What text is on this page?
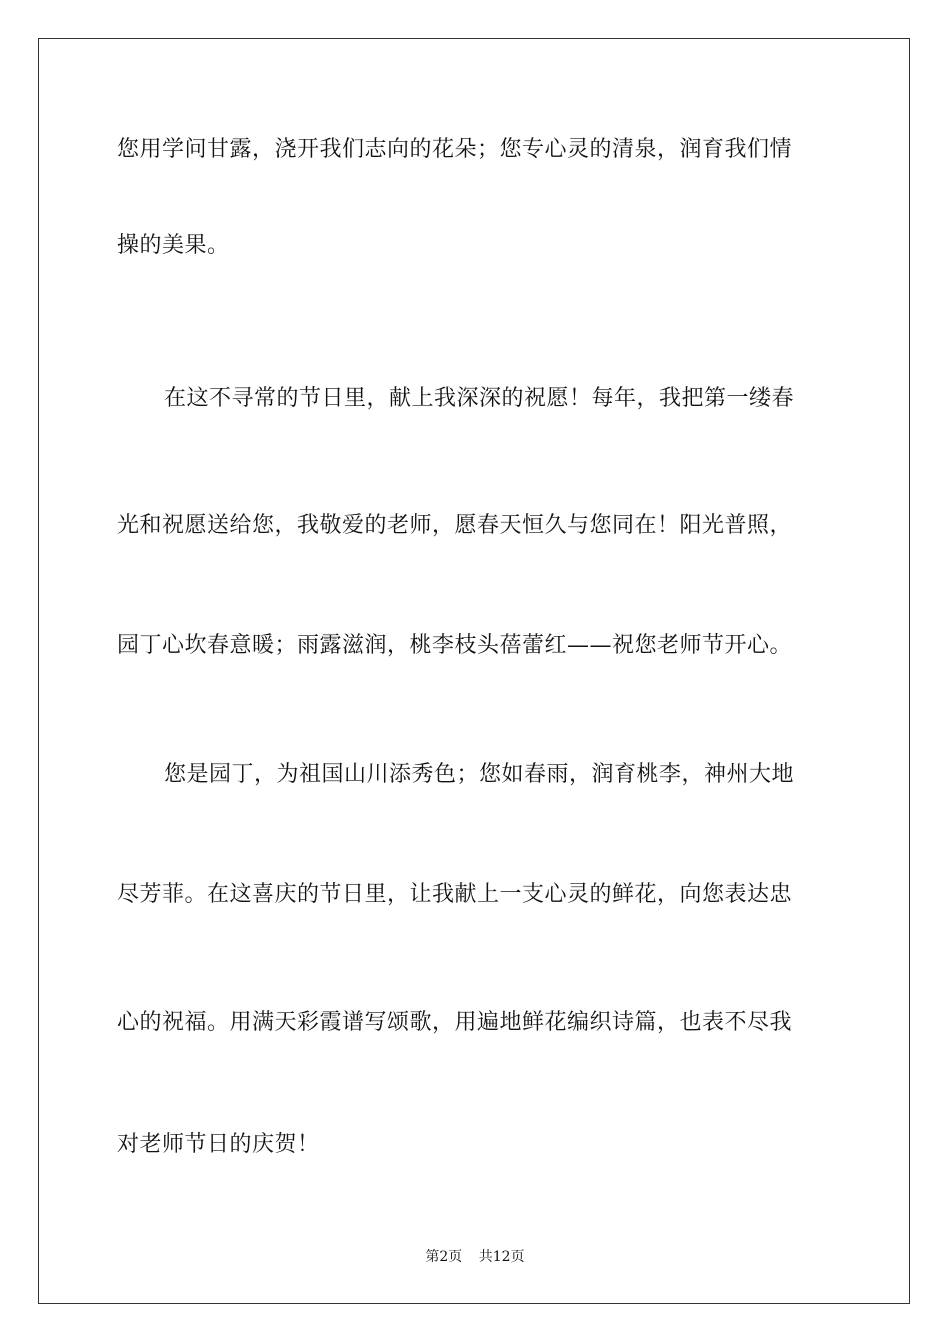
您用学问甘露，浇开我们志向的花朵；您专心灵的清泉，润育我们情
操的美果。
在这不寻常的节日里，献上我深深的祝愿！每年，我把第一缕春
光和祝愿送给您，我敬爱的老师，愿春天恒久与您同在！阳光普照，
园丁心坎春意暖；雨露滋润，桃李枝头蓓蕾红——祝您老师节开心。
您是园丁，为祖国山川添秀色；您如春雨，润育桃李，神州大地
尽芳菲。在这喜庆的节日里，让我献上一支心灵的鲜花，向您表达忠
心的祝福。用满天彩霞谱写颂歌，用遍地鲜花编织诗篇，也表不尽我
对老师节日的庆贺！
第2页 共12页
